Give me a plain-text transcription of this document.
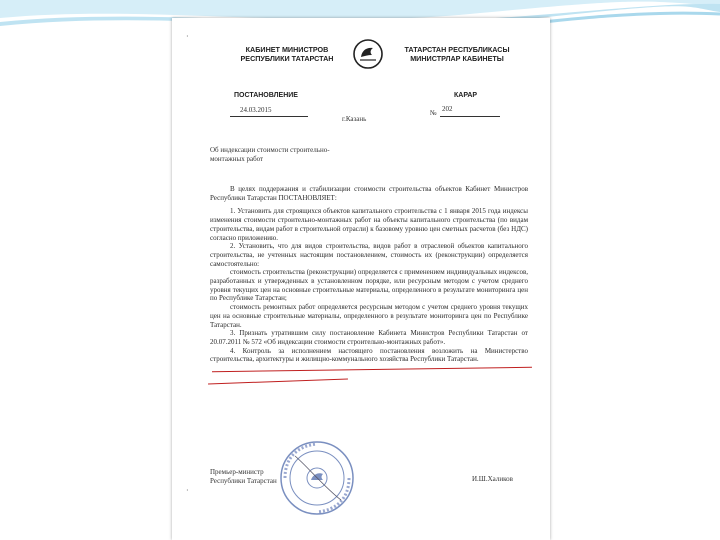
КАБИНЕТ МИНИСТРОВ
РЕСПУБЛИКИ ТАТАРСТАН
ТАТАРСТАН РЕСПУБЛИКАСЫ
МИНИСТРЛАР КАБИНЕТЫ
ПОСТАНОВЛЕНИЕ	КАРАР
24.03.2015
г.Казань
№ 202
Об индексации стоимости строительно-монтажных работ

В целях поддержания и стабилизации стоимости строительства объектов Кабинет Министров Республики Татарстан ПОСТАНОВЛЯЕТ:

1. Установить для строящихся объектов капитального строительства с 1 января 2015 года индексы изменения стоимости строительно-монтажных работ на объекты капитального строительства (по видам строительства, видам работ в строительной отрасли) к базовому уровню цен сметных расчетов (без НДС) согласно приложению.

2. Установить, что для видов строительства, видов работ в отраслевой объектов капитального строительства, не учтенных настоящим постановлением, стоимость их (реконструкции) определяется самостоятельно:

стоимость строительства (реконструкции) определяется с применением индивидуальных индексов, разработанных и утвержденных в установленном порядке, или ресурсным методом с учетом среднего уровня текущих цен на основные строительные материалы, определенного в результате мониторинга цен по Республике Татарстан;

стоимость ремонтных работ определяется ресурсным методом с учетом среднего уровня текущих цен на основные строительные материалы, определенного в результате мониторинга цен по Республике Татарстан.

3. Признать утратившим силу постановление Кабинета Министров Республики Татарстан от 20.07.2011 № 572 «Об индексации стоимости строительно-монтажных работ».

4. Контроль за исполнением настоящего постановления возложить на Министерство строительства, архитектуры и жилищно-коммунального хозяйства Республики Татарстан.

Премьер-министр
Республики Татарстан	И.Ш.Халиков
·
·
